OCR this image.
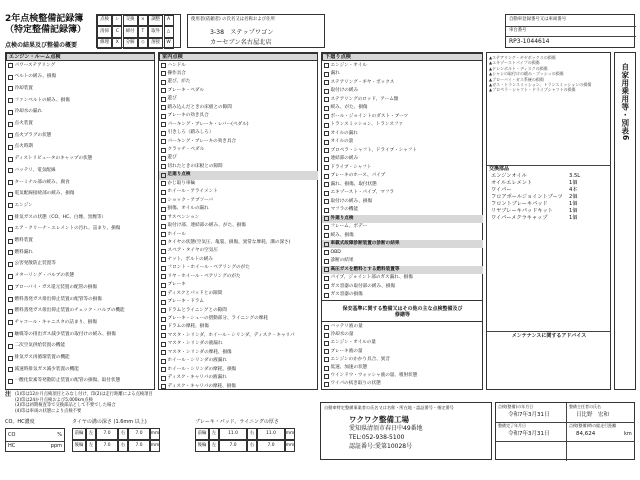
2年点検整備記録簿
（特定整備記録簿）
点検の結果及び整備の概要
点検	レ	交換	×	調整	A
清掃	C	締付	T	取外	△
修理	X	分解	◇	溶接	W
使用者(依頼者) の氏名又は名称および住所
3-38　ステップワゴン
カーセブン名古屋北店
自動車登録番号又は車両番号
車台番号
RP3-1044614
エンジン・ルーム点検
パワーステアリング
ベルトの緩み、損傷
冷却装置
ファンベルトの緩み、損傷
冷却水の漏れ
点火装置
点火プラグの状態
点火時期
ディストリビュータのキャップの状態
バッテリ、電気配線
ターミナル部の緩み、腐食
電気配線接続部の緩み、損傷
エンジン
排気ガスの状態（CO、HC、白煙、黒煙等）
エア・クリーナ・エレメントの汚れ、詰まり、損傷
燃料装置
燃料漏れ
公害発散防止装置等
メターリング・バルブの状態
ブローバイ・ガス還元装置の配管の損傷
燃料蒸発ガス排出抑止装置の配管等の損傷
燃料蒸発ガス排出抑止装置のチェック・バルブの機能
チャコール・キャニスタの詰まり、損傷
触媒等の排出ガス減少装置の取付けの緩み、損傷
二次空気供給装置の機能
排気ガス再循環装置の機能
減速時排気ガス減少装置の機能
一酸化炭素等発散防止装置の配管の損傷、取付状態
室内点検
ハンドル
操作具合
遊び、がた
ブレーキ・ペダル
遊び
踏み込んだときの床板との隙間
ブレーキの効き具合
パーキング・ブレーキ・レバー(ペダル)
引きしろ（踏みしろ）
パーキング・ブレーキの効き具合
クラッチ・ペダル
遊び
切れたときの床板との隙間
足廻り点検
かじ取り車輪
ホイール・アライメント
ショック・アブソーバ
損傷、オイルの漏れ
サスペンション
取付け部、連結部の緩み、がた、損傷
ホイール
タイヤの状態(空気圧、亀裂、損傷、異常な摩耗、溝の深さ)
スペア・タイヤの空気圧
ナット、ボルトの緩み
フロント・ホイール・ベアリングのがた
リヤ・ホイール・ベアリングのがた
ブレーキ
ディスクとパッドとの隙間
ブレーキ・ドラム
ドラムとライニングとの隙間
ブレーキ・シューの摺動部分、ライニングの摩耗
ドラムの摩耗、損傷
マスタ・シリンダ、ホイール・シリンダ、ディスク・キャリパ
マスタ・シリンダの液漏れ
マスタ・シリンダの摩耗、損傷
ホイール・シリンダの液漏れ
ホイール・シリンダの摩耗、損傷
ディスク・キャリパの液漏れ
ディスク・キャリパの摩耗、損傷
下廻り点検
エンジン・オイル
漏れ
ステアリング・ギヤ・ボックス
取付けの緩み
ステアリングのロッド、アーム類
緩み、がた、損傷
ボール・ジョイントのダスト・ブーツ
トランスミッション、トランスファ
オイルの漏れ
オイルの量
プロペラ・シャフト、ドライブ・シャフト
連結部の緩み
ドライブ・シャフト
ブレーキのホース、パイプ
漏れ、損傷、取付状態
エキゾースト・パイプ、マフラ
取付けの緩み、損傷
マフラの機能
外廻り点検
フレーム、ボデー
緩み、損傷
車載式故障診断装置の診断の結果
OBD
診断の結果
高圧ガスを燃料とする燃料装置等
パイプ、ジョイント部のガス漏れ、損傷
ガス容器の取付部の緩み、損傷
ガス容器の損傷
保安基準に関する整備又はその他の主な点検整備及び修繕等
バッテリ液の量
冷却水の量
エンジン・オイルの量
ブレーキ液の量
エンジンのかかり具合、異音
低速、加速の状態
ウインドウ・ウォッシャ液の量、噴射状態
ワイパの拭き取りの状態
▲ステアリング・ギヤボックスの損傷
▲エキゾーストパイプの損傷
▲ドレンボルト・ディスクの損傷
▲シャシの取付けの緩み・ブッシュの損傷
▲ブローバイ・ガス系統の損傷
▲ガス・トランスミッション、トランスミッションの損傷
▲プロペラ・シャフト・ドライブシャフトの損傷
交換部品
エンジンオイル	3.5L
オイルエレメント	1個
ワイパー	4本
フロアポールジョイントブーツ 2個
フロントブレーキパッド	1個
リヤブレーキパッドキット	1個
ワイパーメクラキャップ	1個
メンテナンスに関するアドバイス
自家用乗用等・別表6
注 (1)印は12か月点検項目とみなし付け、印(2)は走行距離による点検項目
(2)印は24か月点検および5,000km点検
(3)印は初期検査等で交換部品として不要でした場合
(4)印は車両の状態により点検不要
CO、HC濃度
CO
HC
%
ppm
タイヤの溝の深さ (1.6mm 以上)
前輪	左	7.0	右	7.0	mm
後輪	左	7.0	右	7.0	mm
ブレーキ・パッド、ライニングの厚さ
前輪	左	11.0	右	11.0	mm
後輪	左	7.0	右	7.0	mm
自動車特定整備事業者の氏名又は名称・所在地・認証番号・指定番号
ワクワク整備工場
愛知県清須市春日中49番地
TEL:052-938-5100
認証番号:愛第10028号
点検(整備)の年月日
令和7年3月31日
整備完了年月日
令和7年3月31日
整備主任者の氏名
日比野　宏和
点検(整備)時の総走行距離
84,624	km
